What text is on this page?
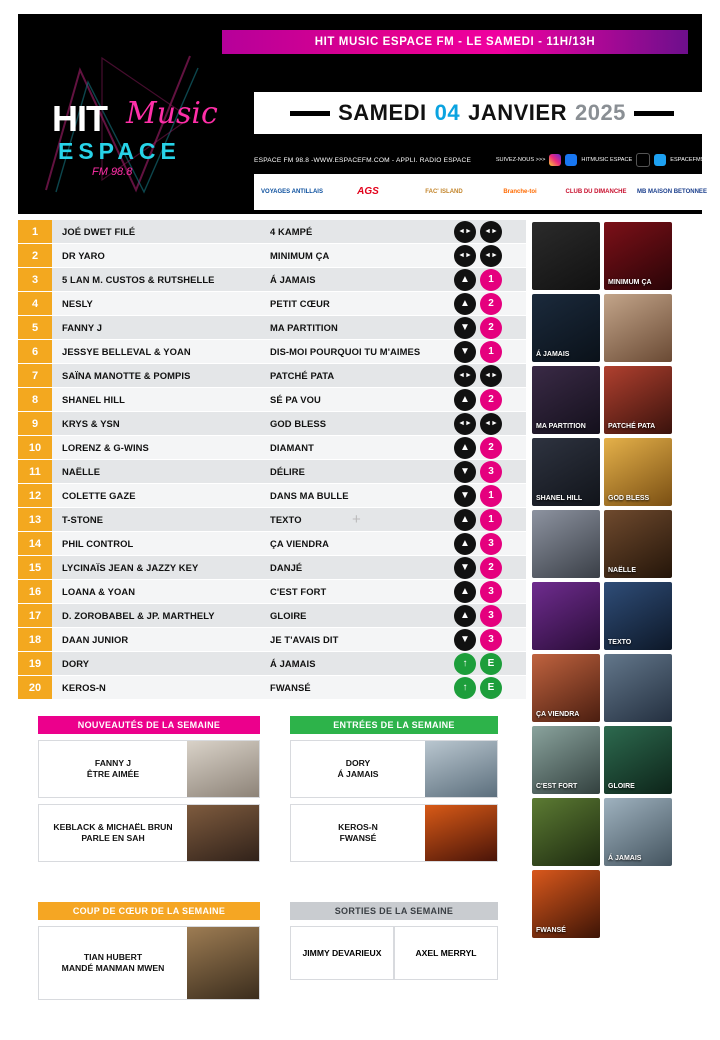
HIT Music
ESPACE
FM 98.8
HIT MUSIC ESPACE FM - LE SAMEDI - 11H/13H
SAMEDI 04 JANVIER 2025
ESPACE FM 98.8 -WWW.ESPACEFM.COM - APPLI. RADIO ESPACE	SUIVEZ-NOUS >>>	HITMUSIC ESPACE	ESPACEFM988
VOYAGES ANTILLAIS	AGS	FAC' ISLAND	Branche-toi	CLUB DU DIMANCHE	MB MAISON BETONNEE
1	JOÉ DWET FILÉ	4 KAMPÉ	◄►	◄►
2	DR YARO	MINIMUM ÇA	◄►	◄►
3	5 LAN M. CUSTOS & RUTSHELLE	Á JAMAIS	▲	1
4	NESLY	PETIT CŒUR	▲	2
5	FANNY J	MA PARTITION	▼	2
6	JESSYE BELLEVAL & YOAN	DIS-MOI POURQUOI TU M'AIMES	▼	1
7	SAÏNA MANOTTE & POMPIS	PATCHÉ PATA	◄►	◄►
8	SHANEL HILL	SÉ PA VOU	▲	2
9	KRYS & YSN	GOD BLESS	◄►	◄►
10	LORENZ & G-WINS	DIAMANT	▲	2
11	NAËLLE	DÉLIRE	▼	3
12	COLETTE GAZE	DANS MA BULLE	▼	1
13	T-STONE	TEXTO	▲	1
14	PHIL CONTROL	ÇA VIENDRA	▲	3
15	LYCINAÏS JEAN & JAZZY KEY	DANJÉ	▼	2
16	LOANA & YOAN	C'EST FORT	▲	3
17	D. ZOROBABEL & JP. MARTHELY	GLOIRE	▲	3
18	DAAN JUNIOR	JE T'AVAIS DIT	▼	3
19	DORY	Á JAMAIS	↑	E
20	KEROS-N	FWANSÉ	↑	E
+
MINIMUM ÇA
Á JAMAIS
MA PARTITION	PATCHÉ PATA
SHANEL HILL	GOD BLESS
NAËLLE
TEXTO
ÇA VIENDRA
C'EST FORT	GLOIRE
Á JAMAIS
FWANSÉ
NOUVEAUTÉS DE LA SEMAINE
FANNY J
ÊTRE AIMÉE
KEBLACK & MICHAËL BRUN
PARLE EN SAH
ENTRÉES DE LA SEMAINE
DORY
Á JAMAIS
KEROS-N
FWANSÉ
COUP DE CŒUR DE LA SEMAINE
TIAN HUBERT
MANDÉ MANMAN MWEN
SORTIES DE LA SEMAINE
JIMMY DEVARIEUX	AXEL MERRYL
